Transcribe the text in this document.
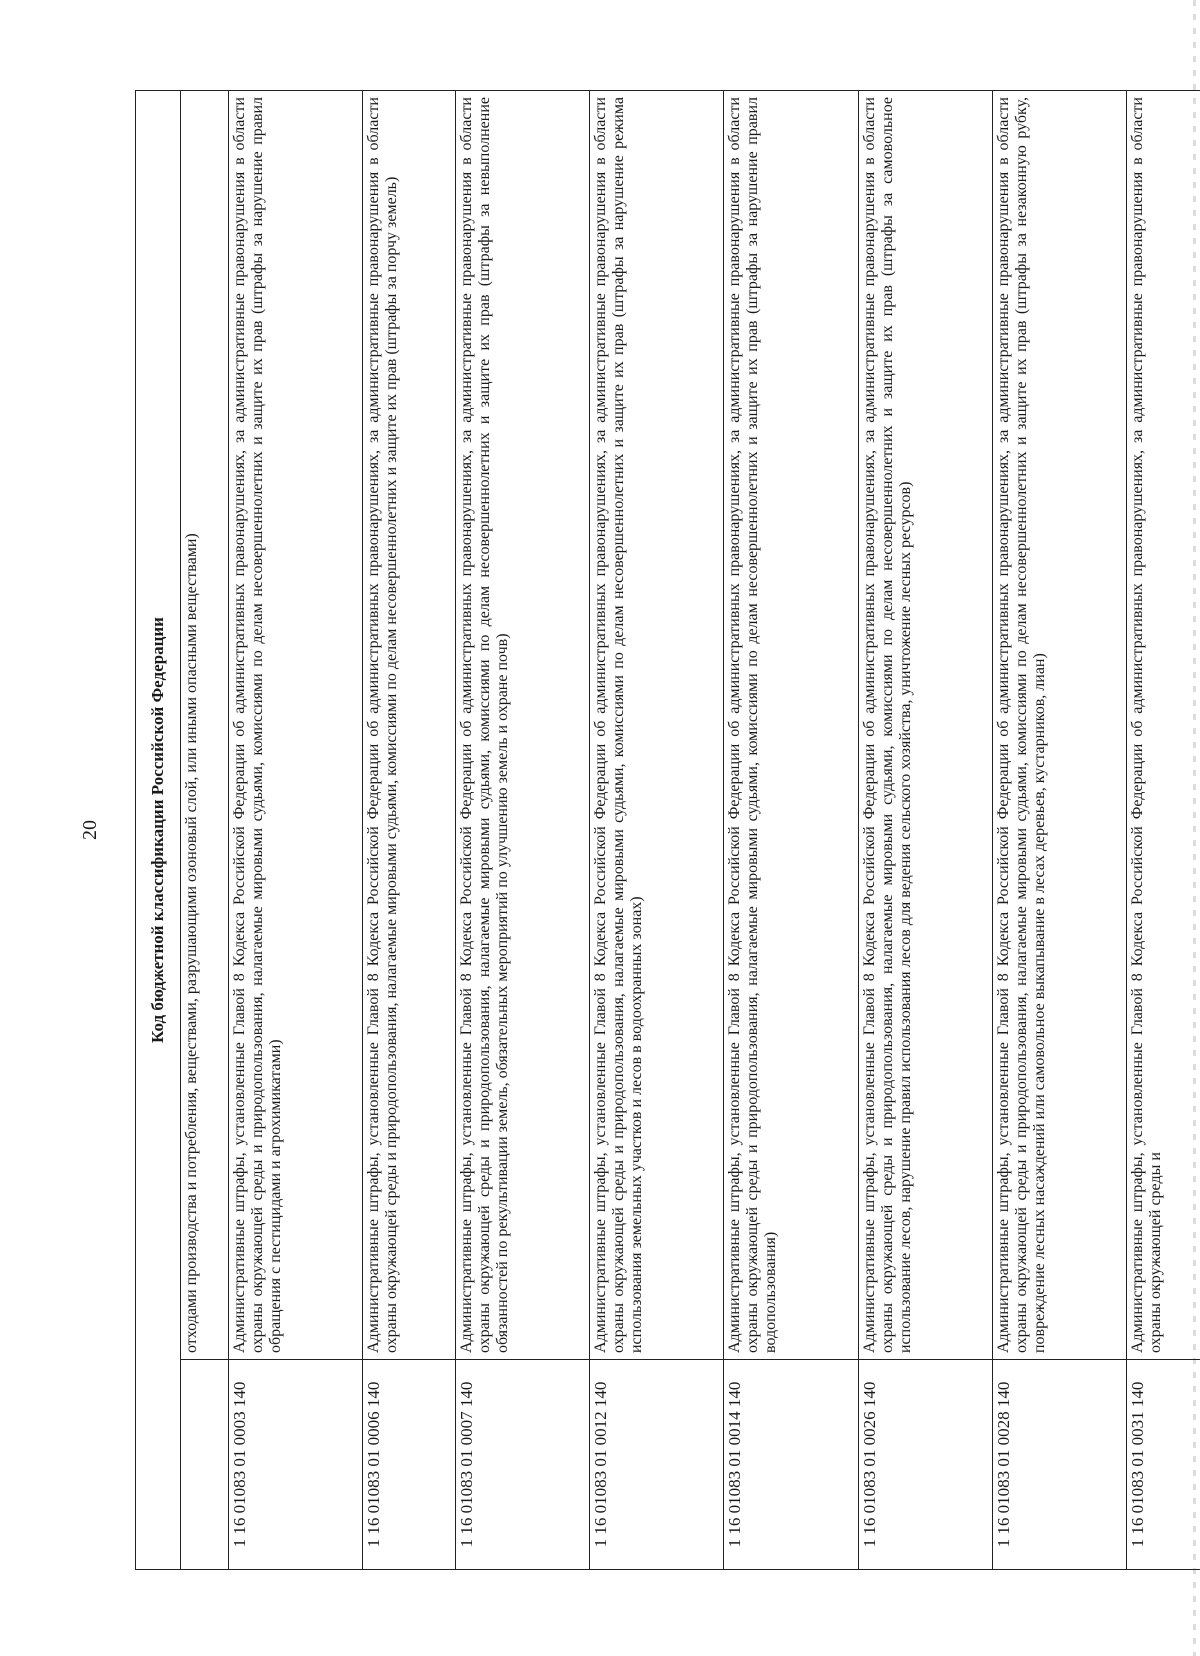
20	Код бюджетной классификации Российской Федерации	
	отходами производства и потребления, веществами, разрушающими озоновый слой, или иными опасными веществами)
1 16 01083 01 0003 140	Административные штрафы, установленные Главой 8 Кодекса Российской Федерации об административных правонарушениях, за административные правонарушения в области охраны окружающей среды и природопользования, налагаемые мировыми судьями, комиссиями по делам несовершеннолетних и защите их прав (штрафы за нарушение правил обращения с пестицидами и агрохимикатами)
1 16 01083 01 0006 140	Административные штрафы, установленные Главой 8 Кодекса Российской Федерации об административных правонарушениях, за административные правонарушения в области охраны окружающей среды и природопользования, налагаемые мировыми судьями, комиссиями по делам несовершеннолетних и защите их прав (штрафы за порчу земель)
1 16 01083 01 0007 140	Административные штрафы, установленные Главой 8 Кодекса Российской Федерации об административных правонарушениях, за административные правонарушения в области охраны окружающей среды и природопользования, налагаемые мировыми судьями, комиссиями по делам несовершеннолетних и защите их прав (штрафы за невыполнение обязанностей по рекультивации земель, обязательных мероприятий по улучшению земель и охране почв)
1 16 01083 01 0012 140	Административные штрафы, установленные Главой 8 Кодекса Российской Федерации об административных правонарушениях, за административные правонарушения в области охраны окружающей среды и природопользования, налагаемые мировыми судьями, комиссиями по делам несовершеннолетних и защите их прав (штрафы за нарушение режима использования земельных участков и лесов в водоохранных зонах)
1 16 01083 01 0014 140	Административные штрафы, установленные Главой 8 Кодекса Российской Федерации об административных правонарушениях, за административные правонарушения в области охраны окружающей среды и природопользования, налагаемые мировыми судьями, комиссиями по делам несовершеннолетних и защите их прав (штрафы за нарушение правил водопользования)
1 16 01083 01 0026 140	Административные штрафы, установленные Главой 8 Кодекса Российской Федерации об административных правонарушениях, за административные правонарушения в области охраны окружающей среды и природопользования, налагаемые мировыми судьями, комиссиями по делам несовершеннолетних и защите их прав (штрафы за самовольное использование лесов, нарушение правил использования лесов для ведения сельского хозяйства, уничтожение лесных ресурсов)
1 16 01083 01 0028 140	Административные штрафы, установленные Главой 8 Кодекса Российской Федерации об административных правонарушениях, за административные правонарушения в области охраны окружающей среды и природопользования, налагаемые мировыми судьями, комиссиями по делам несовершеннолетних и защите их прав (штрафы за незаконную рубку, повреждение лесных насаждений или самовольное выкапывание в лесах деревьев, кустарников, лиан)
1 16 01083 01 0031 140	Административные штрафы, установленные Главой 8 Кодекса Российской Федерации об административных правонарушениях, за административные правонарушения в области охраны окружающей среды и
